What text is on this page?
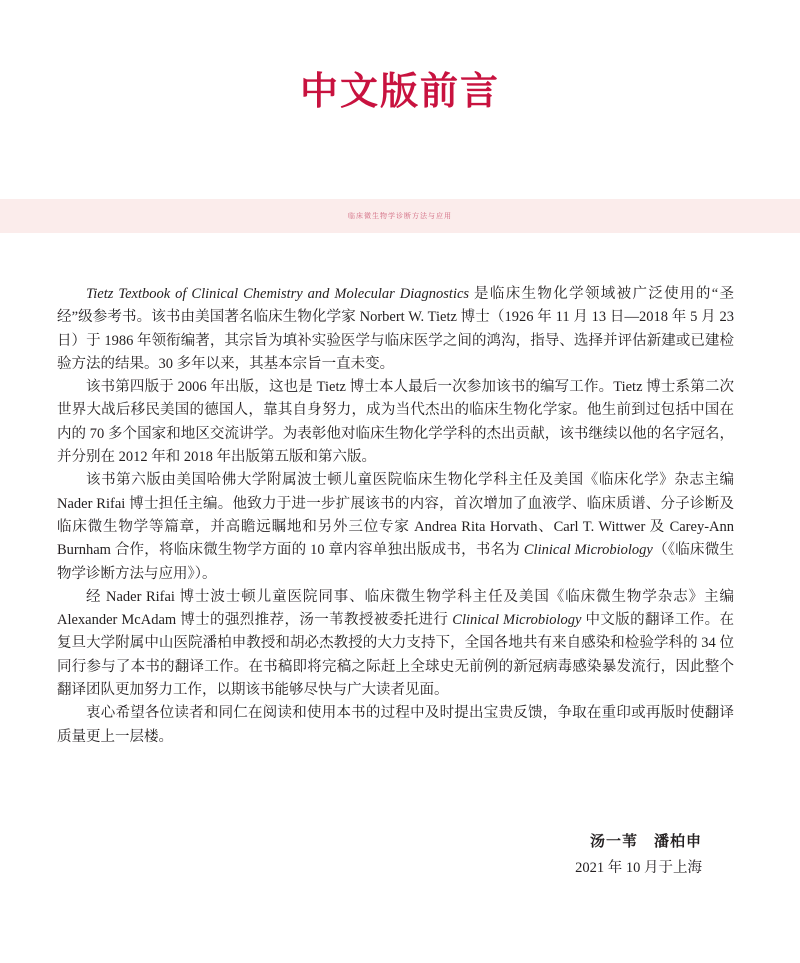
中文版前言
临床微生物学诊断方法与应用

Tietz Textbook of Clinical Chemistry and Molecular Diagnostics 是临床生物化学领域被广泛使用的“圣经”级参考书。该书由美国著名临床生物化学家 Norbert W. Tietz 博士（1926 年 11 月 13 日—2018 年 5 月 23 日）于 1986 年领衔编著，其宗旨为填补实验医学与临床医学之间的鸿沟，指导、选择并评估新建或已建检验方法的结果。30 多年以来，其基本宗旨一直未变。

该书第四版于 2006 年出版，这也是 Tietz 博士本人最后一次参加该书的编写工作。Tietz 博士系第二次世界大战后移民美国的德国人，靠其自身努力，成为当代杰出的临床生物化学家。他生前到过包括中国在内的 70 多个国家和地区交流讲学。为表彰他对临床生物化学学科的杰出贡献，该书继续以他的名字冠名，并分别在 2012 年和 2018 年出版第五版和第六版。

该书第六版由美国哈佛大学附属波士顿儿童医院临床生物化学科主任及美国《临床化学》杂志主编 Nader Rifai 博士担任主编。他致力于进一步扩展该书的内容，首次增加了血液学、临床质谱、分子诊断及临床微生物学等篇章，并高瞻远瞩地和另外三位专家 Andrea Rita Horvath、Carl T. Wittwer 及 Carey-Ann Burnham 合作，将临床微生物学方面的 10 章内容单独出版成书，书名为 Clinical Microbiology（《临床微生物学诊断方法与应用》）。

经 Nader Rifai 博士波士顿儿童医院同事、临床微生物学科主任及美国《临床微生物学杂志》主编 Alexander McAdam 博士的强烈推荐，汤一苇教授被委托进行 Clinical Microbiology 中文版的翻译工作。在复旦大学附属中山医院潘柏申教授和胡必杰教授的大力支持下，全国各地共有来自感染和检验学科的 34 位同行参与了本书的翻译工作。在书稿即将完稿之际赶上全球史无前例的新冠病毒感染暴发流行，因此整个翻译团队更加努力工作，以期该书能够尽快与广大读者见面。

衷心希望各位读者和同仁在阅读和使用本书的过程中及时提出宝贵反馈，争取在重印或再版时使翻译质量更上一层楼。

汤一苇　潘柏申
2021 年 10 月于上海
